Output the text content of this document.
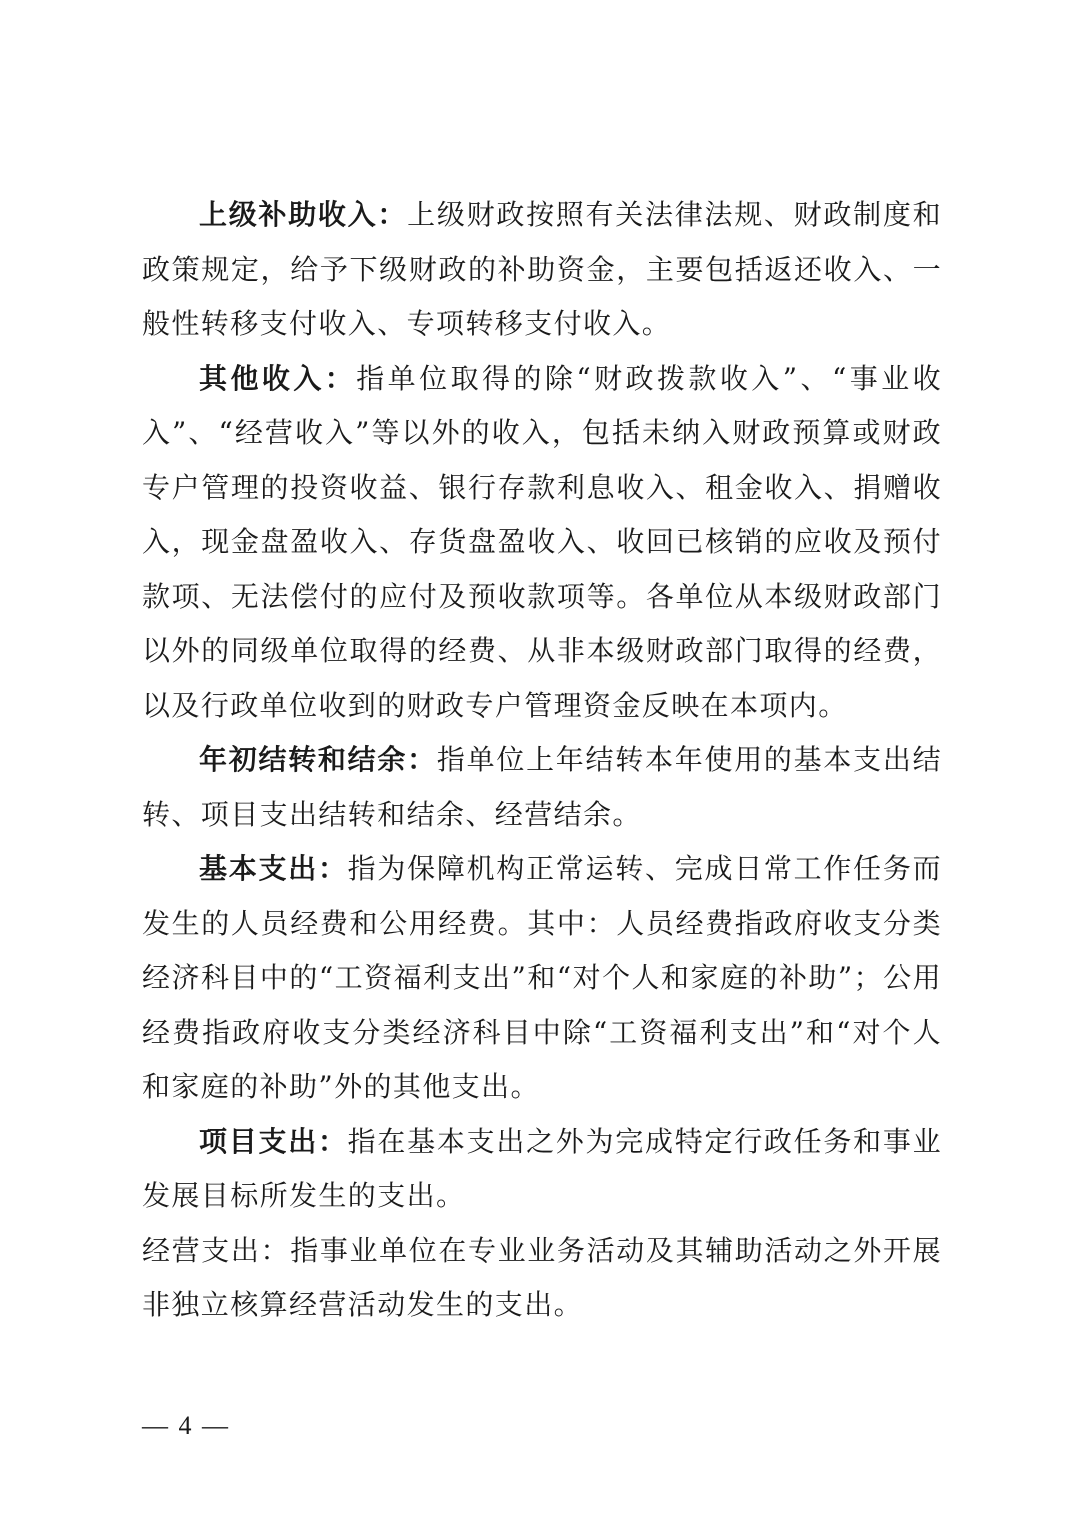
上级补助收入：上级财政按照有关法律法规、财政制度和政策规定，给予下级财政的补助资金，主要包括返还收入、一般性转移支付收入、专项转移支付收入。

其他收入：指单位取得的除“财政拨款收入”、“事业收入”、“经营收入”等以外的收入，包括未纳入财政预算或财政专户管理的投资收益、银行存款利息收入、租金收入、捐赠收入，现金盘盈收入、存货盘盈收入、收回已核销的应收及预付款项、无法偿付的应付及预收款项等。各单位从本级财政部门以外的同级单位取得的经费、从非本级财政部门取得的经费，以及行政单位收到的财政专户管理资金反映在本项内。

年初结转和结余：指单位上年结转本年使用的基本支出结转、项目支出结转和结余、经营结余。

基本支出：指为保障机构正常运转、完成日常工作任务而发生的人员经费和公用经费。其中：人员经费指政府收支分类经济科目中的“工资福利支出”和“对个人和家庭的补助”；公用经费指政府收支分类经济科目中除“工资福利支出”和“对个人和家庭的补助”外的其他支出。

项目支出：指在基本支出之外为完成特定行政任务和事业发展目标所发生的支出。

经营支出：指事业单位在专业业务活动及其辅助活动之外开展非独立核算经营活动发生的支出。

— 4 —
